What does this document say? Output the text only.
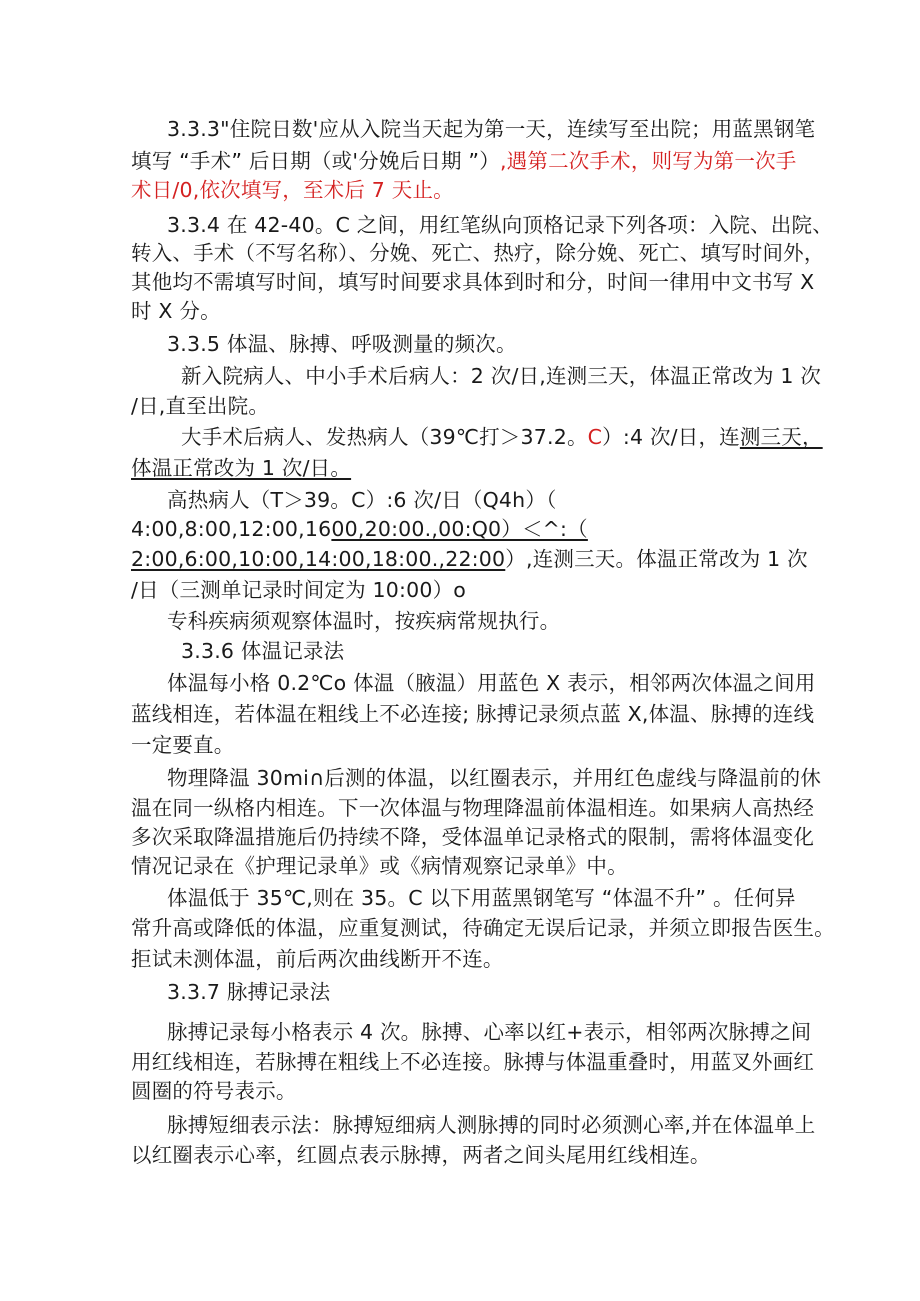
3.3.3"住院日数'应从入院当天起为第一天，连续写至出院；用蓝黑钢笔
填写 “手术” 后日期（或'分娩后日期 ”）,遇第二次手术，则写为第一次手
术日/0,依次填写，至术后 7 天止。
3.3.4 在 42-40。C 之间，用红笔纵向顶格记录下列各项：入院、出院、
转入、手术（不写名称）、分娩、死亡、热疗，除分娩、死亡、填写时间外，
其他均不需填写时间，填写时间要求具体到时和分，时间一律用中文书写 X
时 X 分。
3.3.5 体温、脉搏、呼吸测量的频次。
新入院病人、中小手术后病人：2 次/日,连测三天，体温正常改为 1 次
/日,直至出院。
大手术后病人、发热病人（39℃打＞37.2。C）:4 次/日，连测三天，
体温正常改为 1 次/日。
高热病人（T＞39。C）:6 次/日（Q4h）（
4:00,8:00,12:00,1600,20:00.,00:Q0）＜^:（
2:00,6:00,10:00,14:00,18:00.,22:00）,连测三天。体温正常改为 1 次
/日（三测单记录时间定为 10:00）o
专科疾病须观察体温时，按疾病常规执行。
3.3.6 体温记录法
体温每小格 0.2℃o 体温（腋温）用蓝色 X 表示，相邻两次体温之间用
蓝线相连，若体温在粗线上不必连接; 脉搏记录须点蓝 X,体温、脉搏的连线
一定要直。
物理降温 30mi∩后测的体温，以红圈表示，并用红色虚线与降温前的休
温在同一纵格内相连。下一次体温与物理降温前体温相连。如果病人高热经
多次采取降温措施后仍持续不降，受体温单记录格式的限制，需将体温变化
情况记录在《护理记录单》或《病情观察记录单》中。
体温低于 35℃,则在 35。C 以下用蓝黑钢笔写 “体温不升” 。任何异
常升高或降低的体温，应重复测试，待确定无误后记录，并须立即报告医生。
拒试未测体温，前后两次曲线断开不连。
3.3.7 脉搏记录法
脉搏记录每小格表示 4 次。脉搏、心率以红+表示，相邻两次脉搏之间
用红线相连，若脉搏在粗线上不必连接。脉搏与体温重叠时，用蓝叉外画红
圆圈的符号表示。
脉搏短细表示法：脉搏短细病人测脉搏的同时必须测心率,并在体温单上
以红圈表示心率，红圆点表示脉搏，两者之间头尾用红线相连。
